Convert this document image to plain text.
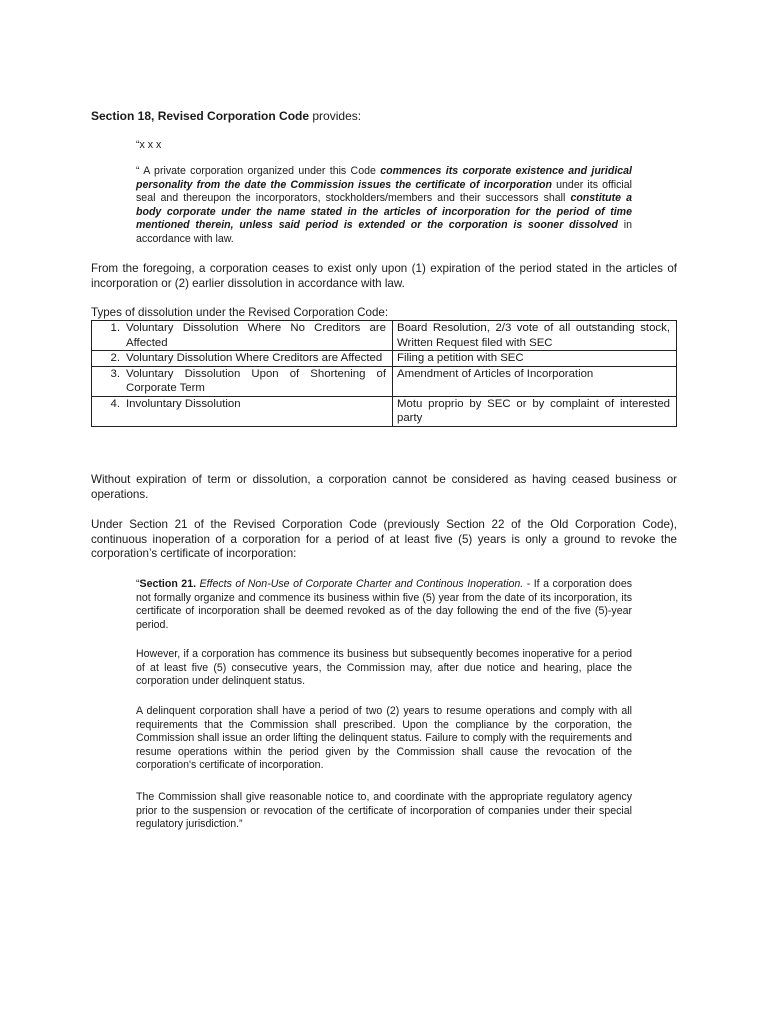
Section 18, Revised Corporation Code provides:
“x x x
“ A private corporation organized under this Code commences its corporate existence and juridical personality from the date the Commission issues the certificate of incorporation under its official seal and thereupon the incorporators, stockholders/members and their successors shall constitute a body corporate under the name stated in the articles of incorporation for the period of time mentioned therein, unless said period is extended or the corporation is sooner dissolved in accordance with law.
From the foregoing, a corporation ceases to exist only upon (1) expiration of the period stated in the articles of incorporation or (2) earlier dissolution in accordance with law.
Types of dissolution under the Revised Corporation Code:
1. Voluntary Dissolution Where No Creditors are Affected	Board Resolution, 2/3 vote of all outstanding stock, Written Request filed with SEC

2. Voluntary Dissolution Where Creditors are Affected	Filing a petition with SEC

3. Voluntary Dissolution Upon of Shortening of Corporate Term	Amendment of Articles of Incorporation

4. Involuntary Dissolution	Motu proprio by SEC or by complaint of interested party
Without expiration of term or dissolution, a corporation cannot be considered as having ceased business or operations.
Under Section 21 of the Revised Corporation Code (previously Section 22 of the Old Corporation Code), continuous inoperation of a corporation for a period of at least five (5) years is only a ground to revoke the corporation’s certificate of incorporation:
“Section 21. Effects of Non-Use of Corporate Charter and Continous Inoperation. - If a corporation does not formally organize and commence its business within five (5) year from the date of its incorporation, its certificate of incorporation shall be deemed revoked as of the day following the end of the five (5)-year period.
However, if a corporation has commence its business but subsequently becomes inoperative for a period of at least five (5) consecutive years, the Commission may, after due notice and hearing, place the corporation under delinquent status.
A delinquent corporation shall have a period of two (2) years to resume operations and comply with all requirements that the Commission shall prescribed. Upon the compliance by the corporation, the Commission shall issue an order lifting the delinquent status. Failure to comply with the requirements and resume operations within the period given by the Commission shall cause the revocation of the corporation's certificate of incorporation.
The Commission shall give reasonable notice to, and coordinate with the appropriate regulatory agency prior to the suspension or revocation of the certificate of incorporation of companies under their special regulatory jurisdiction.”
